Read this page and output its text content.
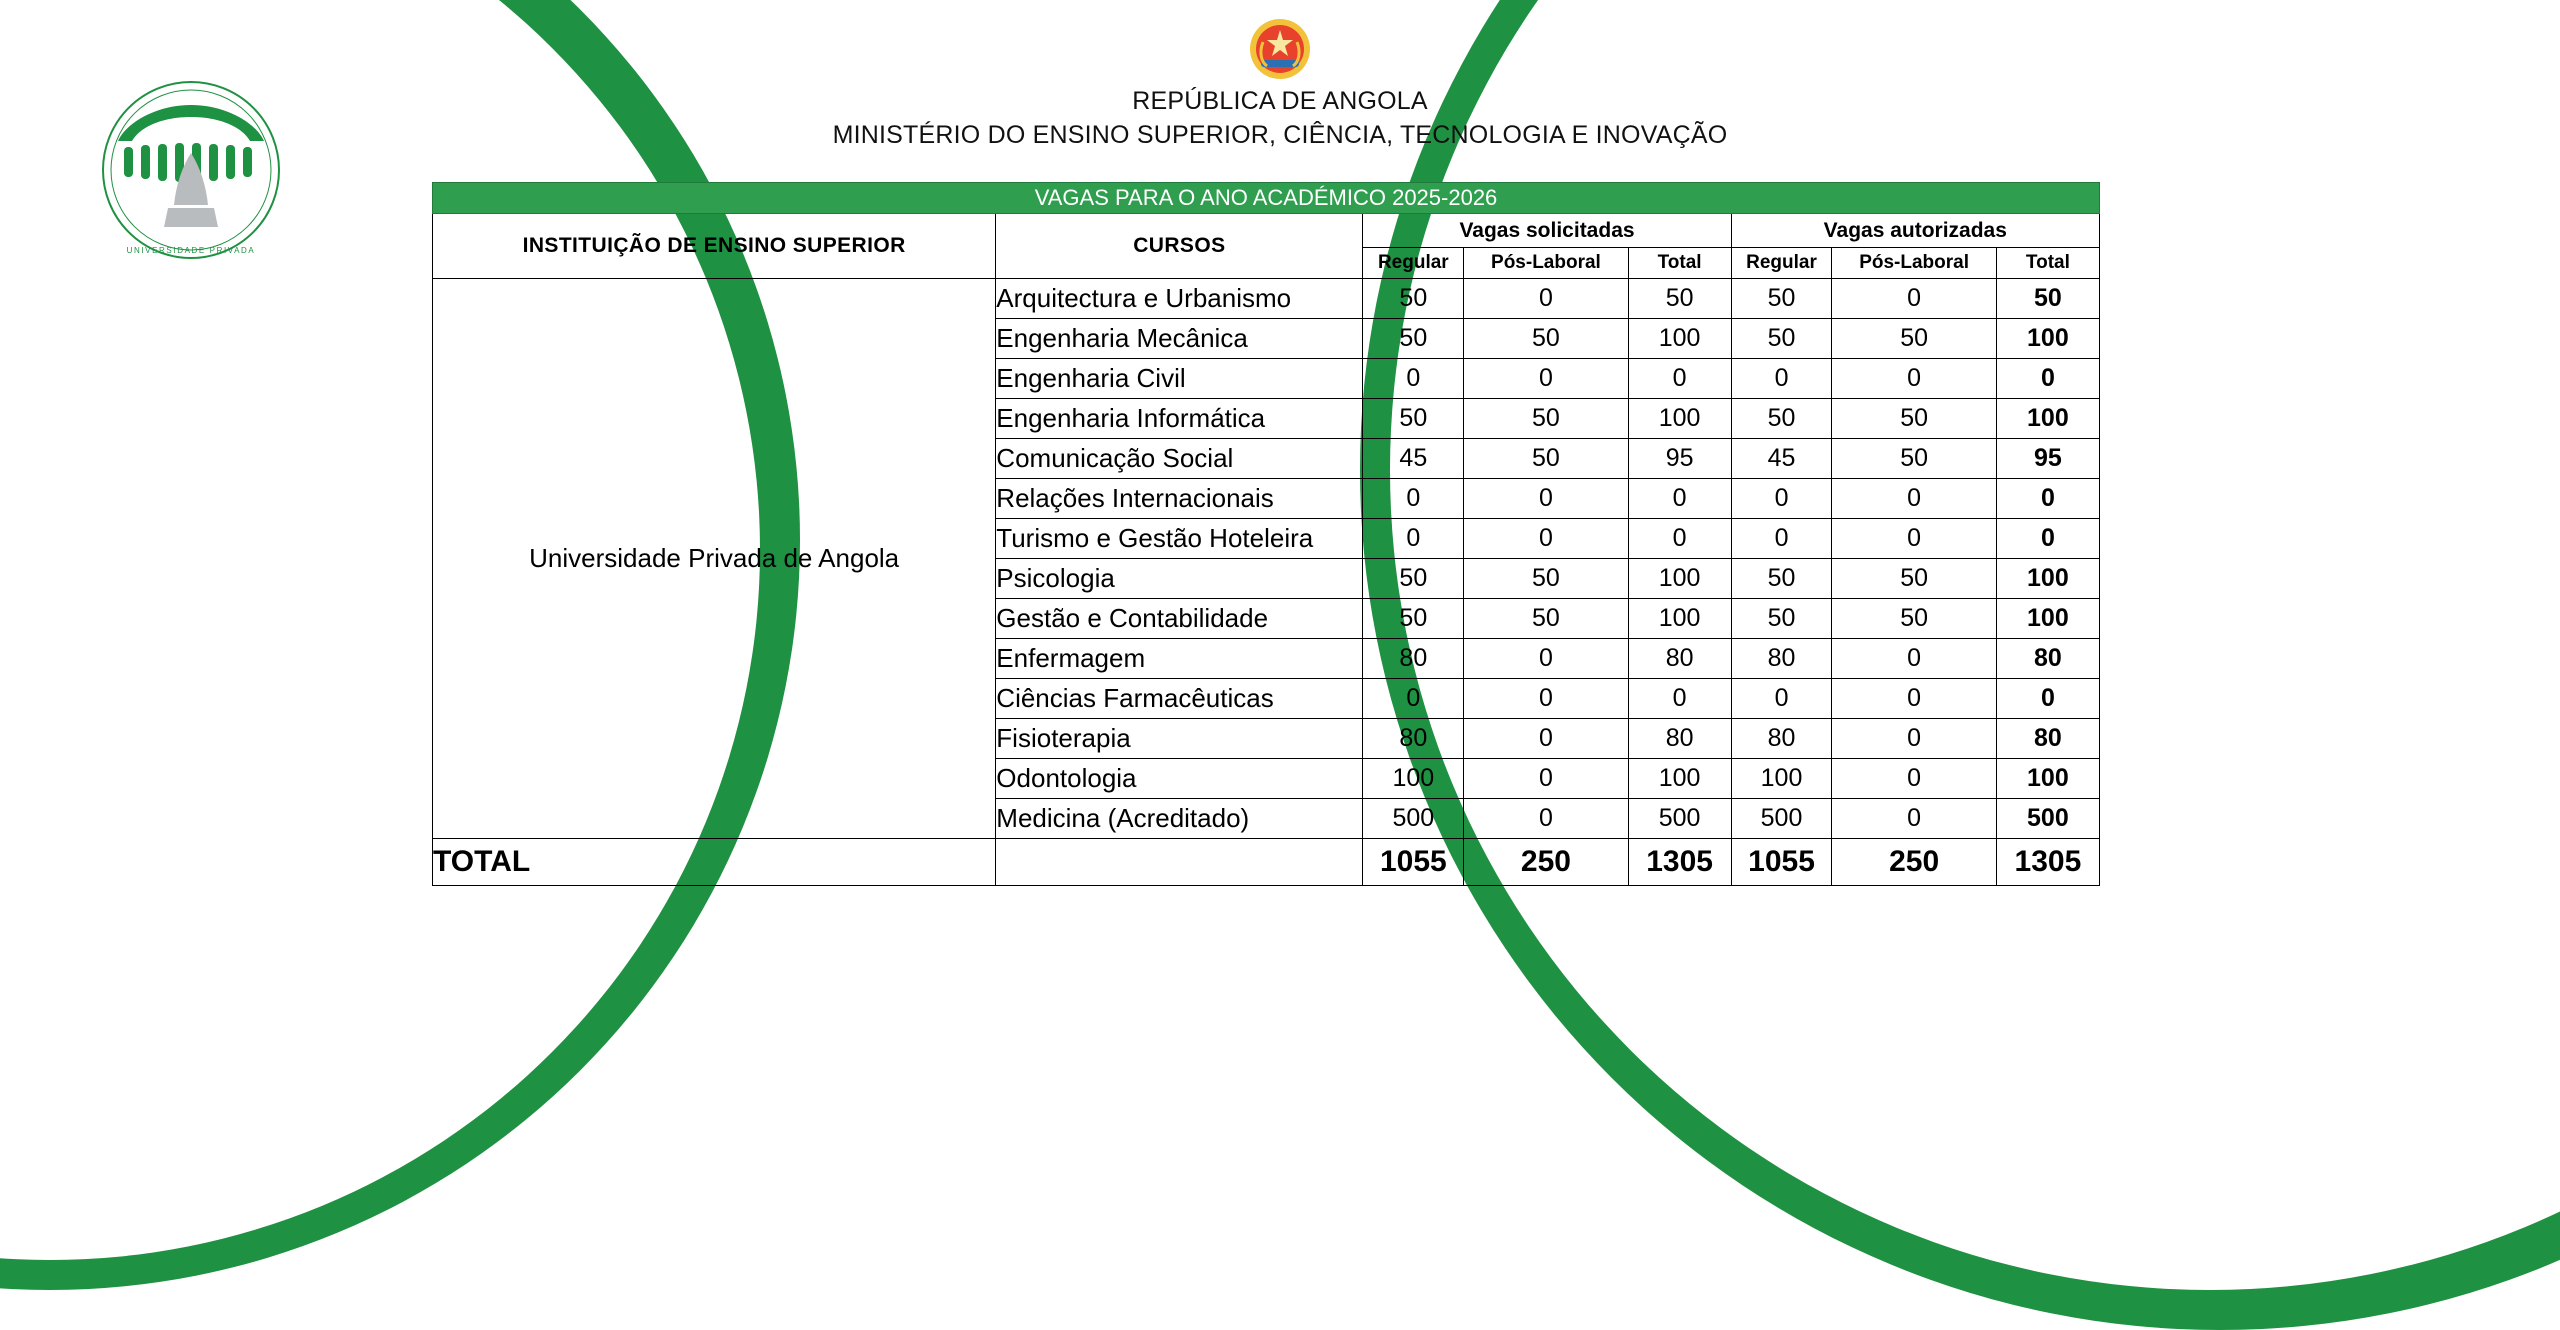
UNIVERSIDADE PRIVADA
REPÚBLICA DE ANGOLA
MINISTÉRIO DO ENSINO SUPERIOR, CIÊNCIA, TECNOLOGIA E INOVAÇÃO
VAGAS PARA O ANO ACADÉMICO 2025-2026							
INSTITUIÇÃO DE ENSINO SUPERIOR	CURSOS	Vagas solicitadas			Vagas autorizadas		
		Regular	Pós-Laboral	Total	Regular	Pós-Laboral	Total
Universidade Privada de Angola	Arquitectura e Urbanismo	50	0	50	50	0	50
	Engenharia Mecânica	50	50	100	50	50	100
	Engenharia Civil	0	0	0	0	0	0
	Engenharia Informática	50	50	100	50	50	100
	Comunicação Social	45	50	95	45	50	95
	Relações Internacionais	0	0	0	0	0	0
	Turismo e Gestão Hoteleira	0	0	0	0	0	0
	Psicologia	50	50	100	50	50	100
	Gestão e Contabilidade	50	50	100	50	50	100
	Enfermagem	80	0	80	80	0	80
	Ciências Farmacêuticas	0	0	0	0	0	0
	Fisioterapia	80	0	80	80	0	80
	Odontologia	100	0	100	100	0	100
	Medicina (Acreditado)	500	0	500	500	0	500
TOTAL		1055	250	1305	1055	250	1305
